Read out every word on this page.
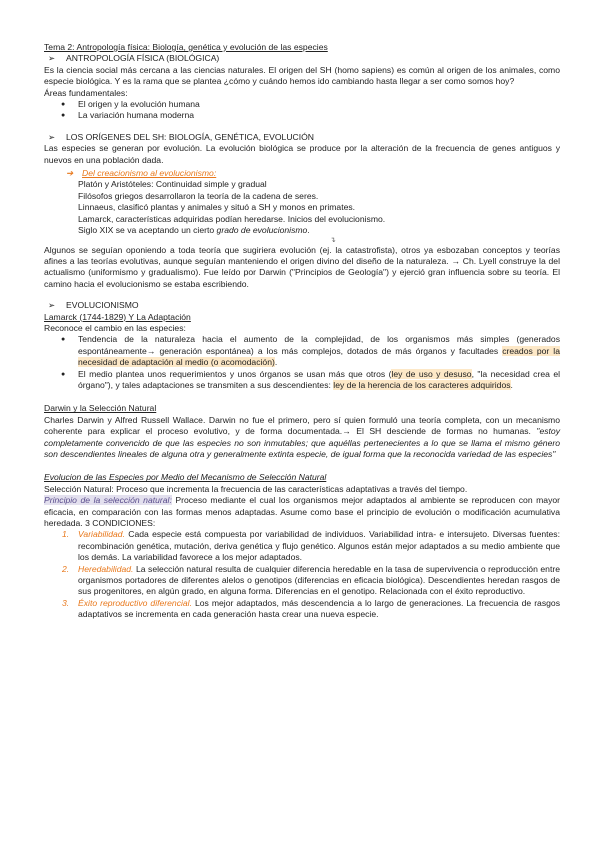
Tema 2: Antropología física: Biología, genética y evolución de las especies
➢	ANTROPOLOGÍA FÍSICA (BIOLÓGICA)

Es la ciencia social más cercana a las ciencias naturales. El origen del SH (homo sapiens) es común al origen de los animales, como especie biológica. Y es la rama que se plantea ¿cómo y cuándo hemos ido cambiando hasta llegar a ser como somos hoy?

Áreas fundamentales:
● El origen y la evolución humana
● La variación humana moderna
➢	LOS ORÍGENES DEL SH: BIOLOGÍA, GENÉTICA, EVOLUCIÓN

Las especies se generan por evolución. La evolución biológica se produce por la alteración de la frecuencia de genes antiguos y nuevos en una población dada.

➔	Del creacionismo al evolucionismo:
Platón y Aristóteles: Continuidad simple y gradual
Filósofos griegos desarrollaron la teoría de la cadena de seres.
Linnaeus, clasificó plantas y animales y situó a SH y monos en primates.
Lamarck, características adquiridas podían heredarse. Inicios del evolucionismo.
Siglo XIX se va aceptando un cierto grado de evolucionismo.
↴

Algunos se seguían oponiendo a toda teoría que sugiriera evolución (ej. la catastrofista), otros ya esbozaban conceptos y teorías afines a las teorías evolutivas, aunque seguían manteniendo el origen divino del diseño de la naturaleza. → Ch. Lyell construye la del actualismo (uniformismo y gradualismo). Fue leído por Darwin ("Principios de Geología") y ejerció gran influencia sobre su teoría. El camino hacia el evolucionismo se estaba escribiendo.

➢	EVOLUCIONISMO
Lamarck (1744-1829) Y La Adaptación
Reconoce el cambio en las especies:
● Tendencia de la naturaleza hacia el aumento de la complejidad, de los organismos más simples (generados espontáneamente→ generación espontánea) a los más complejos, dotados de más órganos y facultades creados por la necesidad de adaptación al medio (o acomodación).
● El medio plantea unos requerimientos y unos órganos se usan más que otros (ley de uso y desuso, "la necesidad crea el órgano"), y tales adaptaciones se transmiten a sus descendientes: ley de la herencia de los caracteres adquiridos.
Darwin y la Selección Natural

Charles Darwin y Alfred Russell Wallace. Darwin no fue el primero, pero sí quien formuló una teoría completa, con un mecanismo coherente para explicar el proceso evolutivo, y de forma documentada.→ El SH desciende de formas no humanas. "estoy completamente convencido de que las especies no son inmutables; que aquéllas pertenecientes a lo que se llama el mismo género son descendientes lineales de alguna otra y generalmente extinta especie, de igual forma que la reconocida variedad de las especies"

Evolucion de las Especies por Medio del Mecanismo de Selección Natural

Selección Natural: Proceso que incrementa la frecuencia de las características adaptativas a través del tiempo.

Principio de la selección natural: Proceso mediante el cual los organismos mejor adaptados al ambiente se reproducen con mayor eficacia, en comparación con las formas menos adaptadas. Asume como base el principio de evolución o modificación acumulativa heredada. 3 CONDICIONES:

1. Variabilidad. Cada especie está compuesta por variabilidad de individuos. Variabilidad intra- e intersujeto. Diversas fuentes: recombinación genética, mutación, deriva genética y flujo genético. Algunos están mejor adaptados a su medio ambiente que los demás. La variabilidad favorece a los mejor adaptados.
2. Heredabilidad. La selección natural resulta de cualquier diferencia heredable en la tasa de supervivencia o reproducción entre organismos portadores de diferentes alelos o genotipos (diferencias en eficacia biológica). Descendientes heredan rasgos de sus progenitores, en algún grado, en alguna forma. Diferencias en el genotipo. Relacionada con el éxito reproductivo.
3. Éxito reproductivo diferencial. Los mejor adaptados, más descendencia a lo largo de generaciones. La frecuencia de rasgos adaptativos se incrementa en cada generación hasta crear una nueva especie.
